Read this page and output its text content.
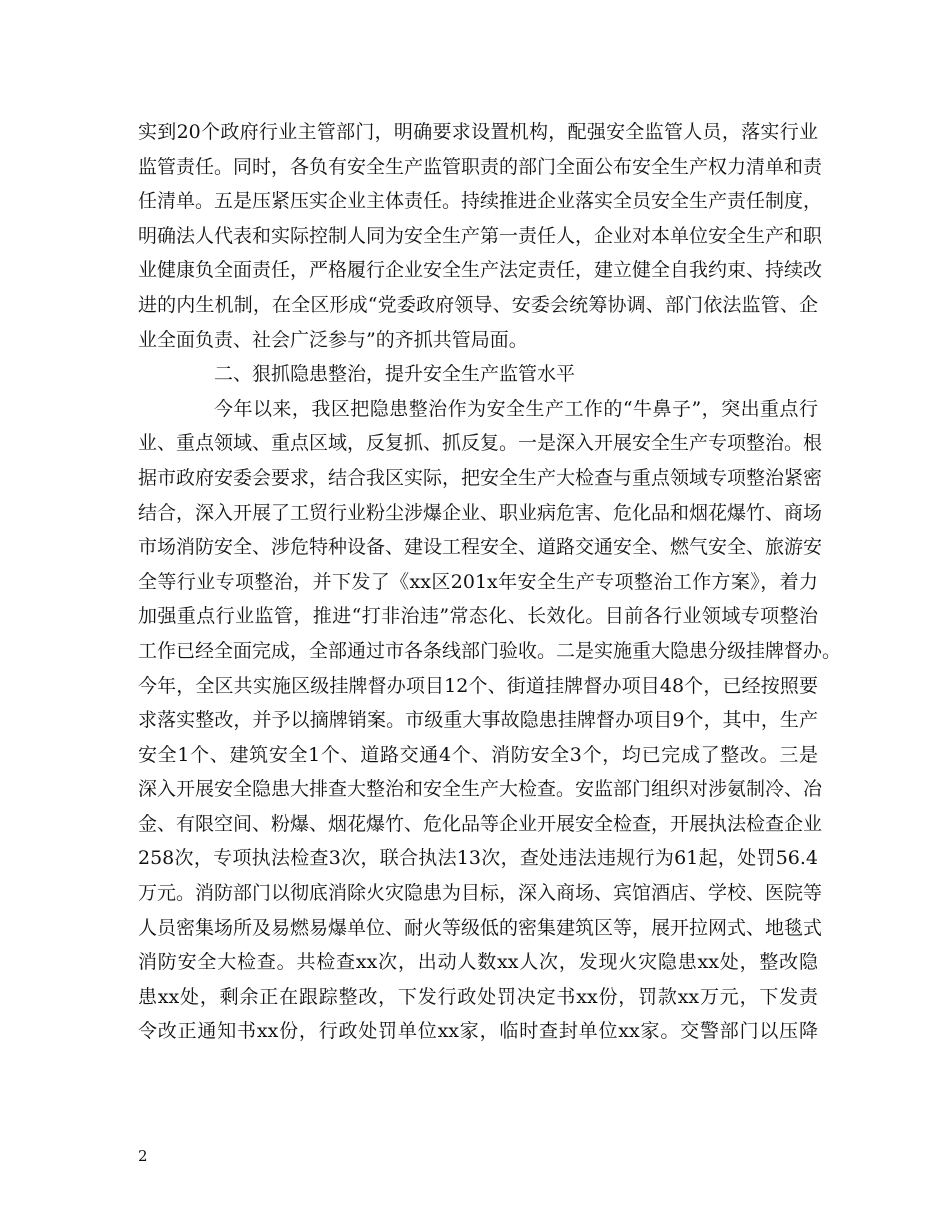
实到20个政府行业主管部门，明确要求设置机构，配强安全监管人员，落实行业
监管责任。同时，各负有安全生产监管职责的部门全面公布安全生产权力清单和责
任清单。五是压紧压实企业主体责任。持续推进企业落实全员安全生产责任制度，
明确法人代表和实际控制人同为安全生产第一责任人，企业对本单位安全生产和职
业健康负全面责任，严格履行企业安全生产法定责任，建立健全自我约束、持续改
进的内生机制，在全区形成“党委政府领导、安委会统筹协调、部门依法监管、企
业全面负责、社会广泛参与”的齐抓共管局面。
二、狠抓隐患整治，提升安全生产监管水平
今年以来，我区把隐患整治作为安全生产工作的“牛鼻子”，突出重点行
业、重点领域、重点区域，反复抓、抓反复。一是深入开展安全生产专项整治。根
据市政府安委会要求，结合我区实际，把安全生产大检查与重点领域专项整治紧密
结合，深入开展了工贸行业粉尘涉爆企业、职业病危害、危化品和烟花爆竹、商场
市场消防安全、涉危特种设备、建设工程安全、道路交通安全、燃气安全、旅游安
全等行业专项整治，并下发了《xx区201x年安全生产专项整治工作方案》，着力
加强重点行业监管，推进“打非治违”常态化、长效化。目前各行业领域专项整治
工作已经全面完成，全部通过市各条线部门验收。二是实施重大隐患分级挂牌督办。
今年，全区共实施区级挂牌督办项目12个、街道挂牌督办项目48个，已经按照要
求落实整改，并予以摘牌销案。市级重大事故隐患挂牌督办项目9个，其中，生产
安全1个、建筑安全1个、道路交通4个、消防安全3个，均已完成了整改。三是
深入开展安全隐患大排查大整治和安全生产大检查。安监部门组织对涉氨制冷、冶
金、有限空间、粉爆、烟花爆竹、危化品等企业开展安全检查，开展执法检查企业
258次，专项执法检查3次，联合执法13次，查处违法违规行为61起，处罚56.4
万元。消防部门以彻底消除火灾隐患为目标，深入商场、宾馆酒店、学校、医院等
人员密集场所及易燃易爆单位、耐火等级低的密集建筑区等，展开拉网式、地毯式
消防安全大检查。共检查xx次，出动人数xx人次，发现火灾隐患xx处，整改隐
患xx处，剩余正在跟踪整改，下发行政处罚决定书xx份，罚款xx万元，下发责
令改正通知书xx份，行政处罚单位xx家，临时查封单位xx家。交警部门以压降
2
